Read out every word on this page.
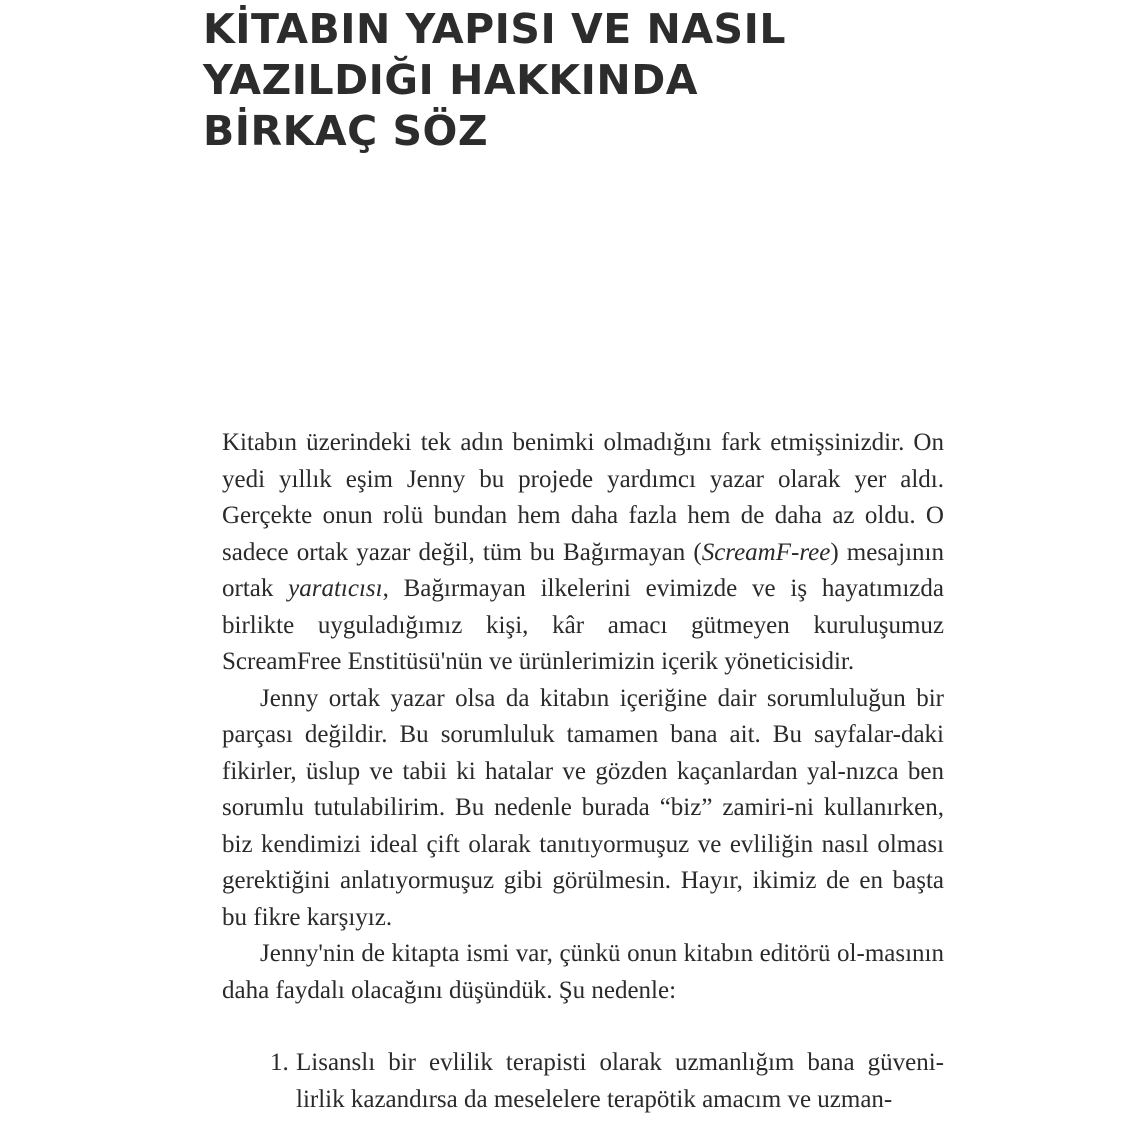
KİTABIN YAPISI VE NASIL
YAZILDIĞI HAKKINDA
BİRKAÇ SÖZ

Kitabın üzerindeki tek adın benimki olmadığını fark etmişsinizdir. On yedi yıllık eşim Jenny bu projede yardımcı yazar olarak yer aldı. Gerçekte onun rolü bundan hem daha fazla hem de daha az oldu. O sadece ortak yazar değil, tüm bu Bağırmayan (ScreamF-ree) mesajının ortak yaratıcısı, Bağırmayan ilkelerini evimizde ve iş hayatımızda birlikte uyguladığımız kişi, kâr amacı gütmeyen kuruluşumuz ScreamFree Enstitüsü'nün ve ürünlerimizin içerik yöneticisidir.

Jenny ortak yazar olsa da kitabın içeriğine dair sorumluluğun bir parçası değildir. Bu sorumluluk tamamen bana ait. Bu sayfalar-daki fikirler, üslup ve tabii ki hatalar ve gözden kaçanlardan yal-nızca ben sorumlu tutulabilirim. Bu nedenle burada “biz” zamiri-ni kullanırken, biz kendimizi ideal çift olarak tanıtıyormuşuz ve evliliğin nasıl olması gerektiğini anlatıyormuşuz gibi görülmesin. Hayır, ikimiz de en başta bu fikre karşıyız.

Jenny'nin de kitapta ismi var, çünkü onun kitabın editörü ol-masının daha faydalı olacağını düşündük. Şu nedenle:

1. Lisanslı bir evlilik terapisti olarak uzmanlığım bana güveni-lirlik kazandırsa da meselelere terapötik amacım ve uzman-
